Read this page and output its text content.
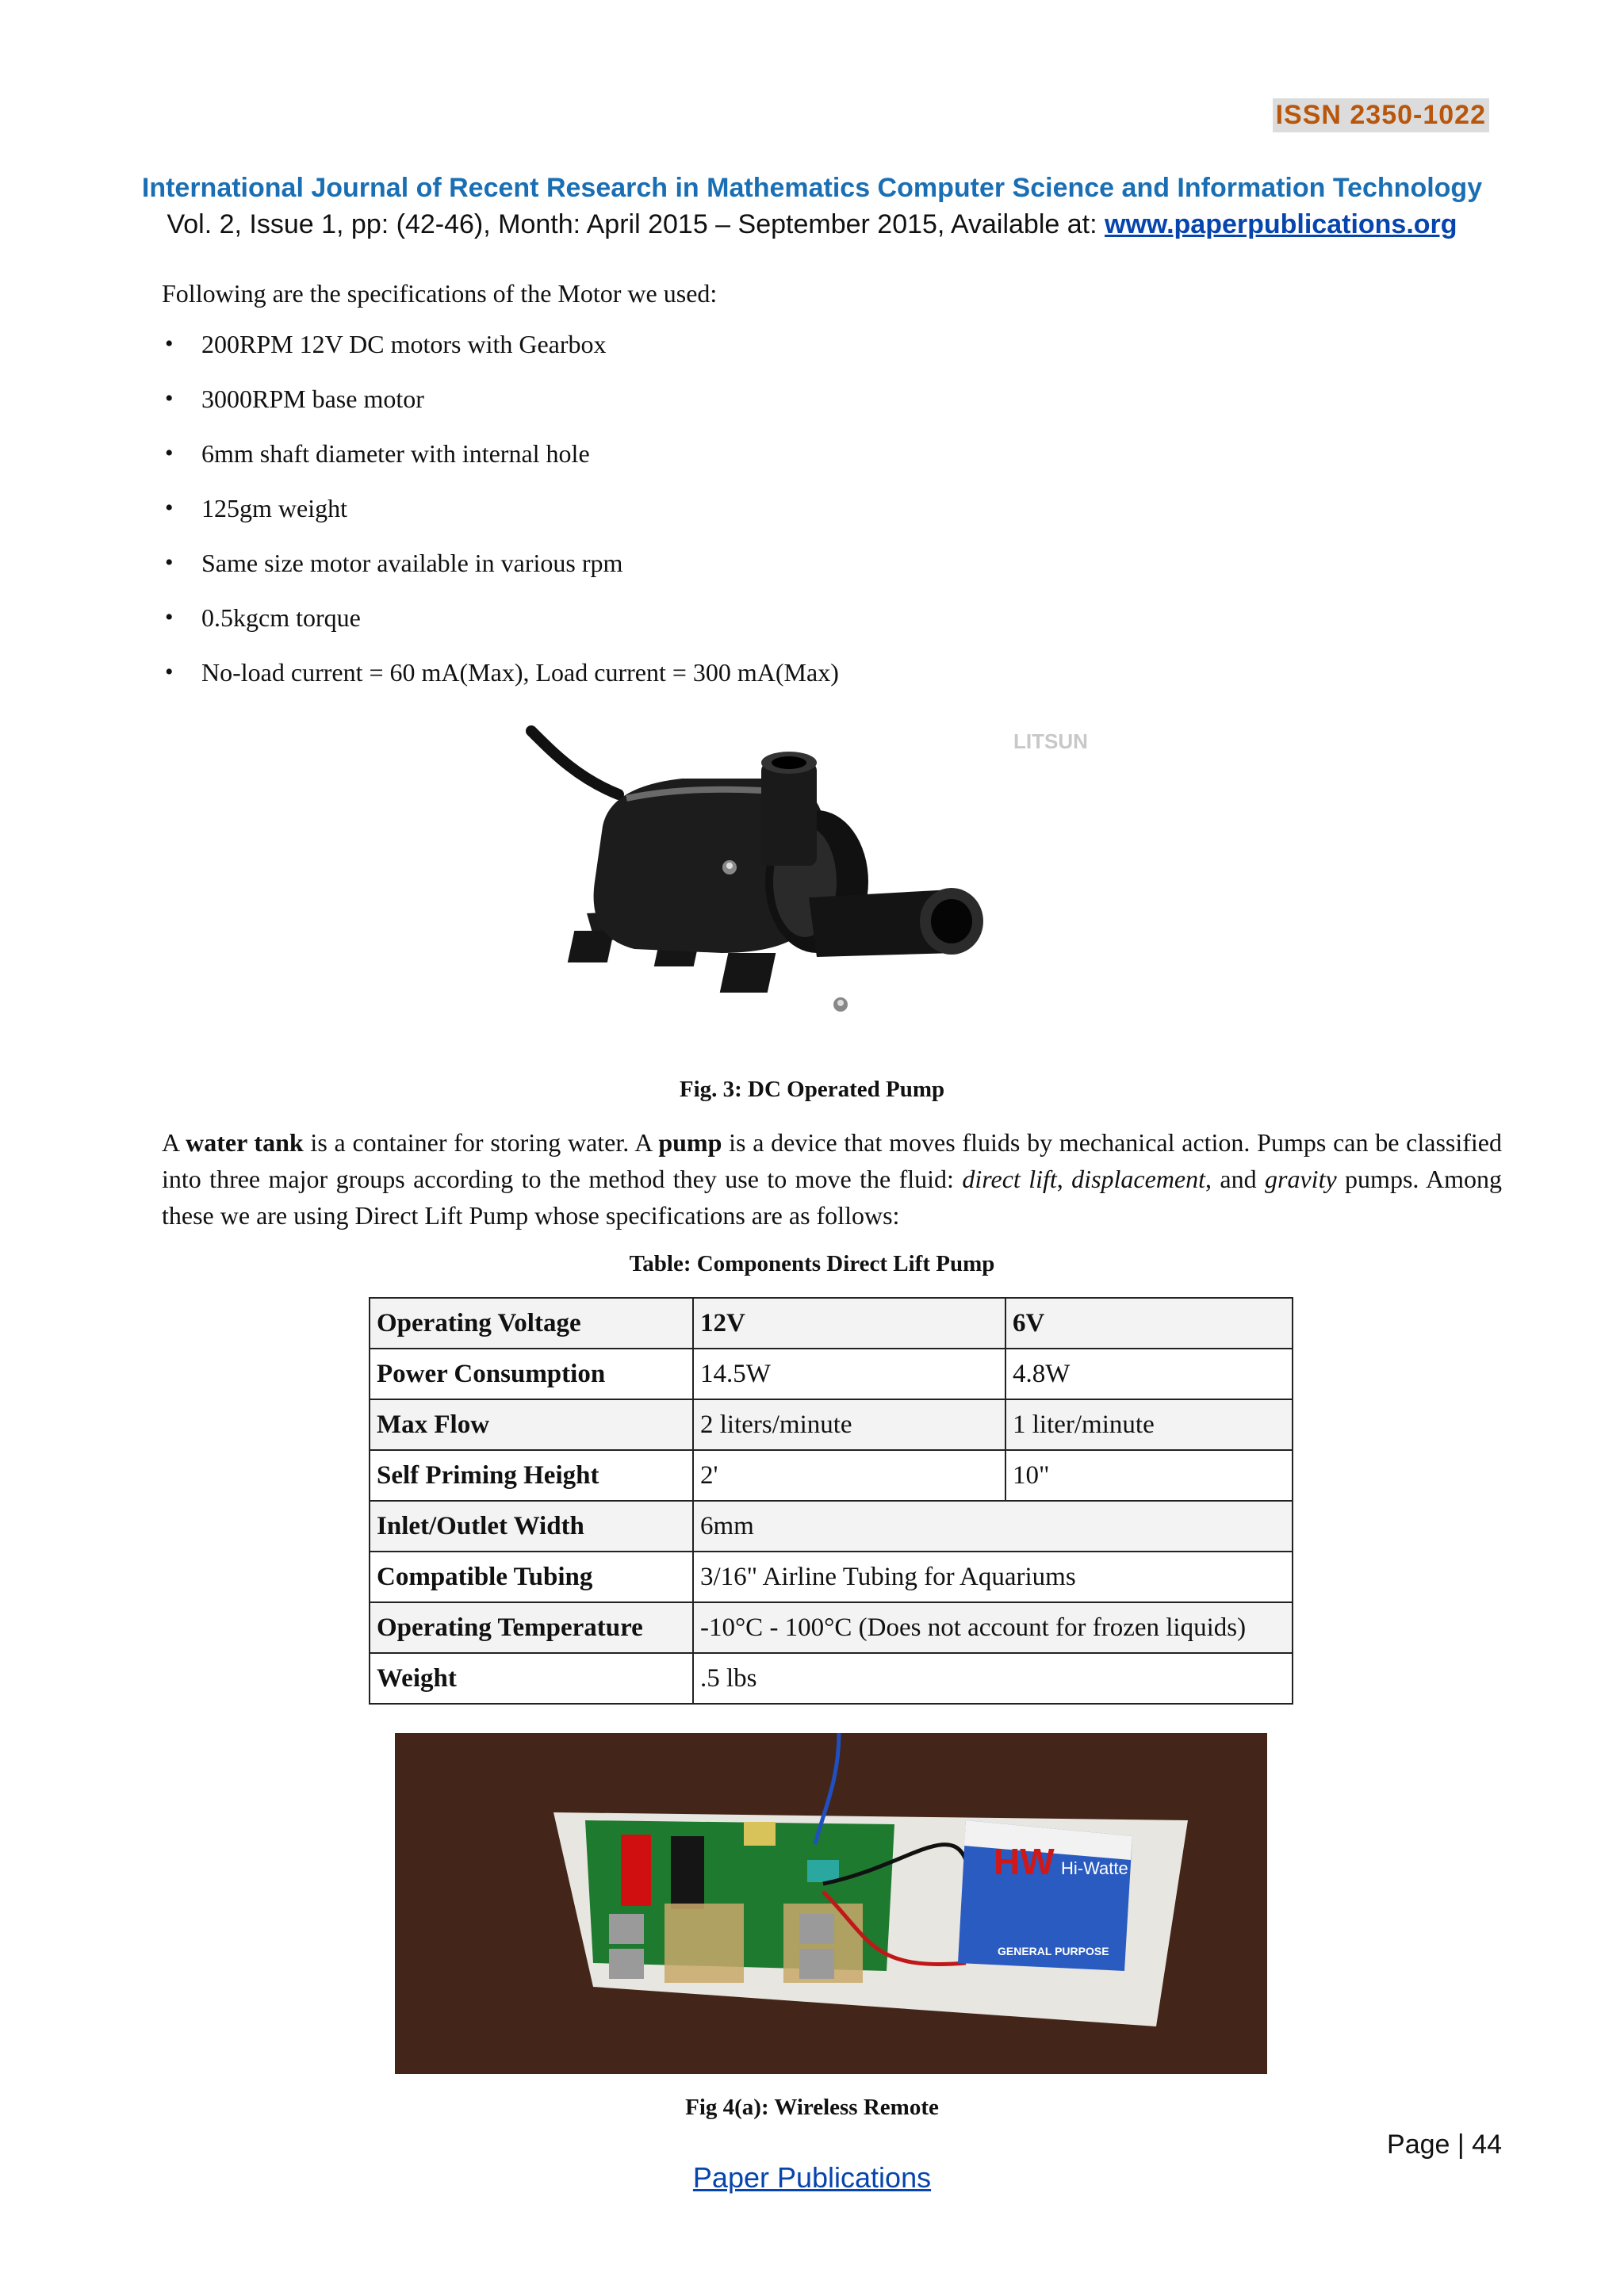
ISSN 2350-1022
International Journal of Recent Research in Mathematics Computer Science and Information Technology
Vol. 2, Issue 1, pp: (42-46), Month: April 2015 – September 2015, Available at: www.paperpublications.org
Following are the specifications of the Motor we used:
• 200RPM 12V DC motors with Gearbox
• 3000RPM base motor
• 6mm shaft diameter with internal hole
• 125gm weight
• Same size motor available in various rpm
• 0.5kgcm torque
• No-load current = 60 mA(Max), Load current = 300 mA(Max)
LITSUN
Fig. 3: DC Operated Pump
A water tank is a container for storing water. A pump is a device that moves fluids by mechanical action. Pumps can be classified into three major groups according to the method they use to move the fluid: direct lift, displacement, and gravity pumps. Among these we are using Direct Lift Pump whose specifications are as follows:
Table: Components Direct Lift Pump
Operating Voltage	12V	6V
Power Consumption	14.5W	4.8W
Max Flow	2 liters/minute	1 liter/minute
Self Priming Height	2'	10"
Inlet/Outlet Width	6mm	
Compatible Tubing	3/16" Airline Tubing for Aquariums	
Operating Temperature	-10°C - 100°C (Does not account for frozen liquids)	
Weight	.5 lbs	
HW Hi-Watte
GENERAL PURPOSE
Fig 4(a): Wireless Remote
Page | 44
Paper Publications
